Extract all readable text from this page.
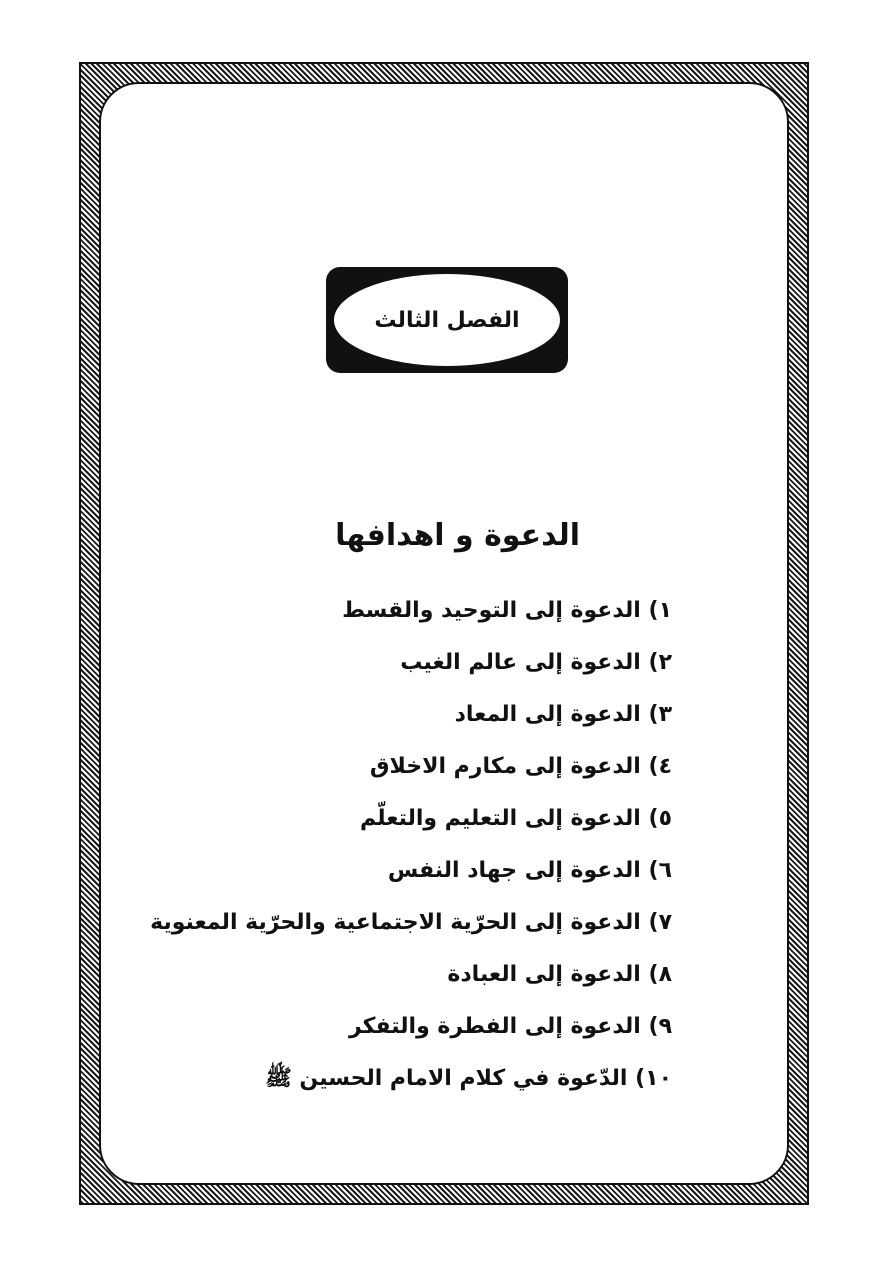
الفصل الثالث
الدعوة و اهدافها
١) الدعوة إلى التوحيد والقسط
٢) الدعوة إلى عالم الغيب
٣) الدعوة إلى المعاد
٤) الدعوة إلى مكارم الاخلاق
٥) الدعوة إلى التعليم والتعلّم
٦) الدعوة إلى جهاد النفس
٧) الدعوة إلى الحرّية الاجتماعية والحرّية المعنوية
٨) الدعوة إلى العبادة
٩) الدعوة إلى الفطرة والتفكر
١٠) الدّعوة في كلام الامام الحسين ﷺ
